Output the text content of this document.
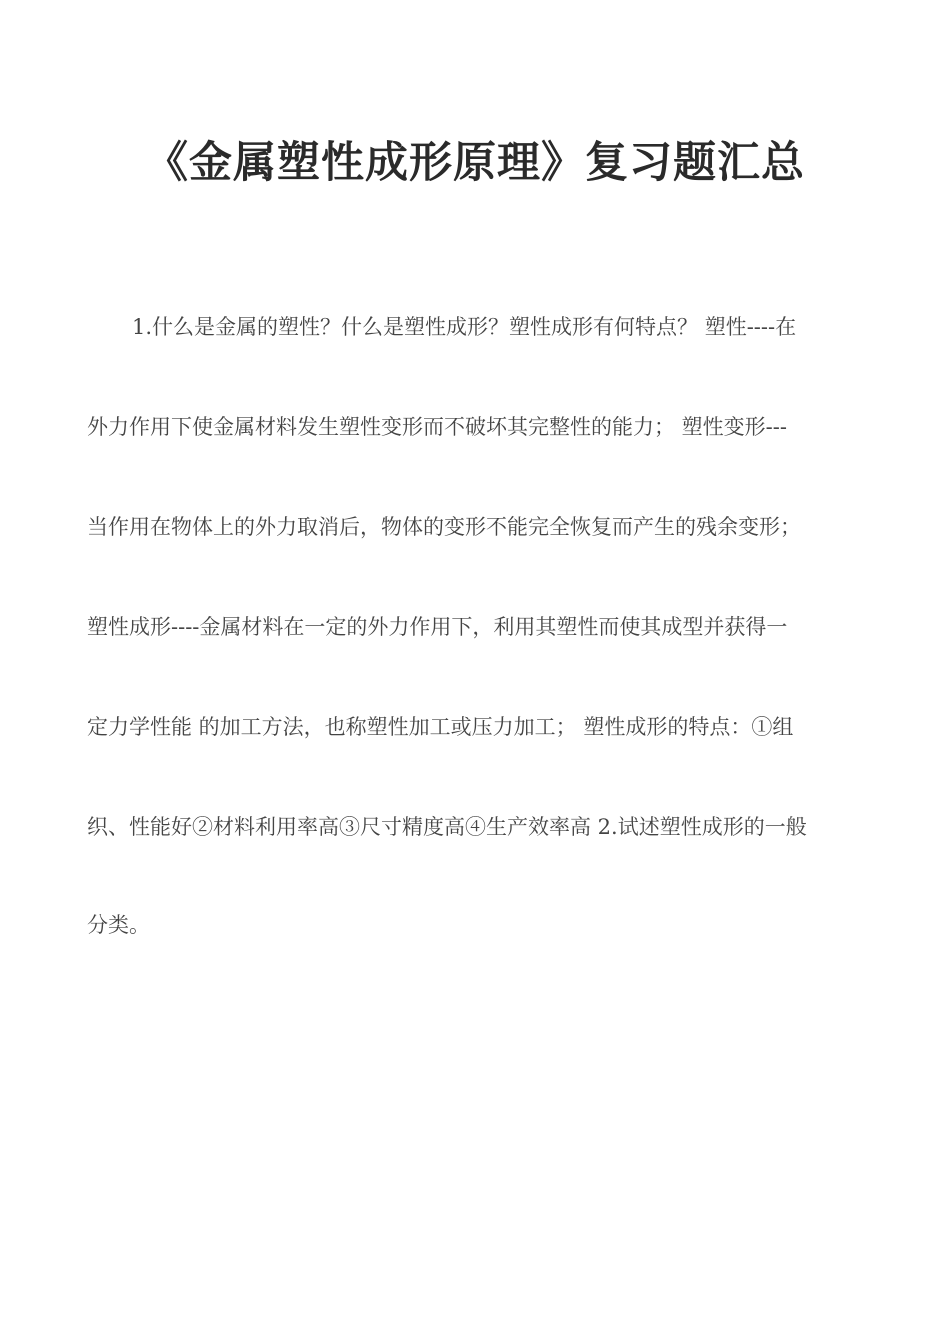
《金属塑性成形原理》复习题汇总
1.什么是金属的塑性？什么是塑性成形？塑性成形有何特点？ 塑性----在
外力作用下使金属材料发生塑性变形而不破坏其完整性的能力； 塑性变形---
当作用在物体上的外力取消后，物体的变形不能完全恢复而产生的残余变形；
塑性成形----金属材料在一定的外力作用下，利用其塑性而使其成型并获得一
定力学性能 的加工方法，也称塑性加工或压力加工； 塑性成形的特点：①组
织、性能好②材料利用率高③尺寸精度高④生产效率高 2.试述塑性成形的一般
分类。
